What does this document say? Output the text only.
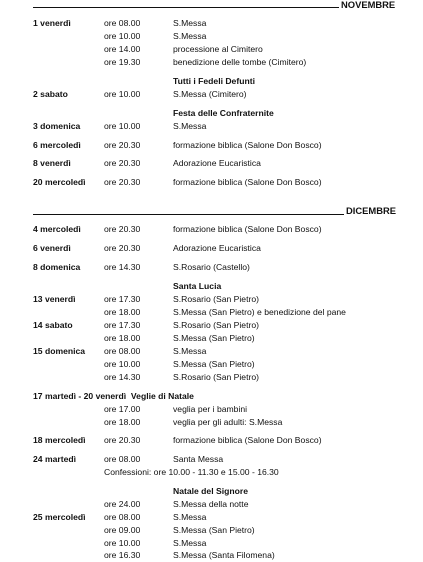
NOVEMBRE
1 venerdì	ore 08.00	S.Messa
ore 10.00	S.Messa
ore 14.00	processione al Cimitero
ore 19.30	benedizione delle tombe (Cimitero)
Tutti i Fedeli Defunti
2 sabato	ore 10.00	S.Messa (Cimitero)
Festa delle Confraternite
3 domenica	ore 10.00	S.Messa
6 mercoledì	ore 20.30	formazione biblica (Salone Don Bosco)
8 venerdì	ore 20.30	Adorazione Eucaristica
20 mercoledì ore 20.30	formazione biblica (Salone Don Bosco)
DICEMBRE
4 mercoledì	ore 20.30	formazione biblica (Salone Don Bosco)
6 venerdì	ore 20.30	Adorazione Eucaristica
8 domenica	ore 14.30	S.Rosario (Castello)
Santa Lucia
13 venerdì	ore 17.30	S.Rosario (San Pietro)
ore 18.00	S.Messa (San Pietro) e benedizione del pane
14 sabato	ore 17.30	S.Rosario (San Pietro)
ore 18.00	S.Messa (San Pietro)
15 domenica ore 08.00	S.Messa
ore 10.00	S.Messa (San Pietro)
ore 14.30	S.Rosario (San Pietro)
17 martedì - 20 venerdì  Veglie di Natale
ore 17.00	veglia per i bambini
ore 18.00	veglia per gli adulti: S.Messa
18 mercoledì ore 20.30	formazione biblica (Salone Don Bosco)
24 martedì	ore 08.00	Santa Messa
Confessioni: ore 10.00 - 11.30 e 15.00 - 16.30
Natale del Signore
ore 24.00	S.Messa della notte
25 mercoledì ore 08.00	S.Messa
ore 09.00	S.Messa (San Pietro)
ore 10.00	S.Messa
ore 16.30	S.Messa (Santa Filomena)
